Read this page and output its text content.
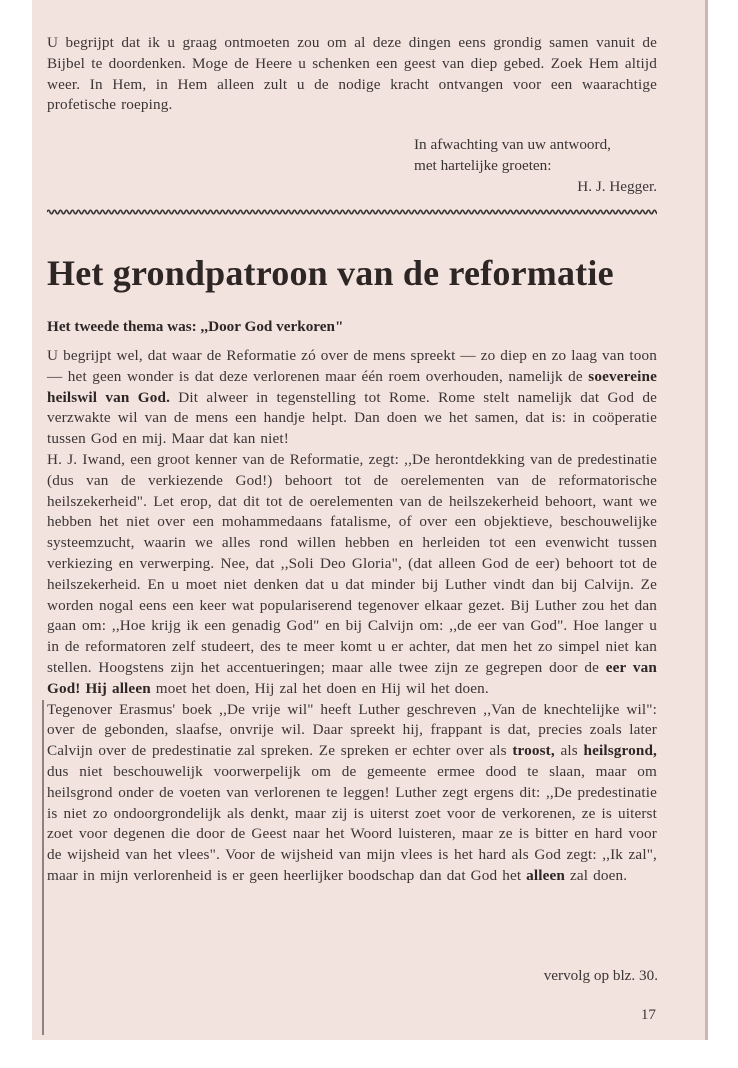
U begrijpt dat ik u graag ontmoeten zou om al deze dingen eens grondig samen vanuit de Bijbel te doordenken. Moge de Heere u schenken een geest van diep gebed. Zoek Hem altijd weer. In Hem, in Hem alleen zult u de nodige kracht ontvangen voor een waarachtige profetische roeping.

In afwachting van uw antwoord,
met hartelijke groeten:
H. J. Hegger.
Het grondpatroon van de reformatie

Het tweede thema was: ,,Door God verkoren"

U begrijpt wel, dat waar de Reformatie zó over de mens spreekt — zo diep en zo laag van toon — het geen wonder is dat deze verlorenen maar één roem overhouden, namelijk de soevereine heilswil van God. Dit alweer in tegenstelling tot Rome. Rome stelt namelijk dat God de verzwakte wil van de mens een handje helpt. Dan doen we het samen, dat is: in coöperatie tussen God en mij. Maar dat kan niet!
H. J. Iwand, een groot kenner van de Reformatie, zegt: ,,De herontdekking van de predestinatie (dus van de verkiezende God!) behoort tot de oerelementen van de reformatorische heilszekerheid". Let erop, dat dit tot de oerelementen van de heilszekerheid behoort, want we hebben het niet over een mohammedaans fatalisme, of over een objektieve, beschouwelijke systeemzucht, waarin we alles rond willen hebben en herleiden tot een evenwicht tussen verkiezing en verwerping. Nee, dat ,,Soli Deo Gloria", (dat alleen God de eer) behoort tot de heilszekerheid. En u moet niet denken dat u dat minder bij Luther vindt dan bij Calvijn. Ze worden nogal eens een keer wat populariserend tegenover elkaar gezet. Bij Luther zou het dan gaan om: ,,Hoe krijg ik een genadig God" en bij Calvijn om: ,,de eer van God". Hoe langer u in de reformatoren zelf studeert, des te meer komt u er achter, dat men het zo simpel niet kan stellen. Hoogstens zijn het accentueringen; maar alle twee zijn ze gegrepen door de eer van God! Hij alleen moet het doen, Hij zal het doen en Hij wil het doen.
Tegenover Erasmus' boek ,,De vrije wil" heeft Luther geschreven ,,Van de knechtelijke wil": over de gebonden, slaafse, onvrije wil. Daar spreekt hij, frappant is dat, precies zoals later Calvijn over de predestinatie zal spreken. Ze spreken er echter over als troost, als heilsgrond, dus niet beschouwelijk voorwerpelijk om de gemeente ermee dood te slaan, maar om heilsgrond onder de voeten van verlorenen te leggen! Luther zegt ergens dit: ,,De predestinatie is niet zo ondoorgrondelijk als denkt, maar zij is uiterst zoet voor de verkorenen, ze is uiterst zoet voor degenen die door de Geest naar het Woord luisteren, maar ze is bitter en hard voor de wijsheid van het vlees". Voor de wijsheid van mijn vlees is het hard als God zegt: ,,Ik zal", maar in mijn verlorenheid is er geen heerlijker boodschap dan dat God het alleen zal doen.

vervolg op blz. 30.

17
